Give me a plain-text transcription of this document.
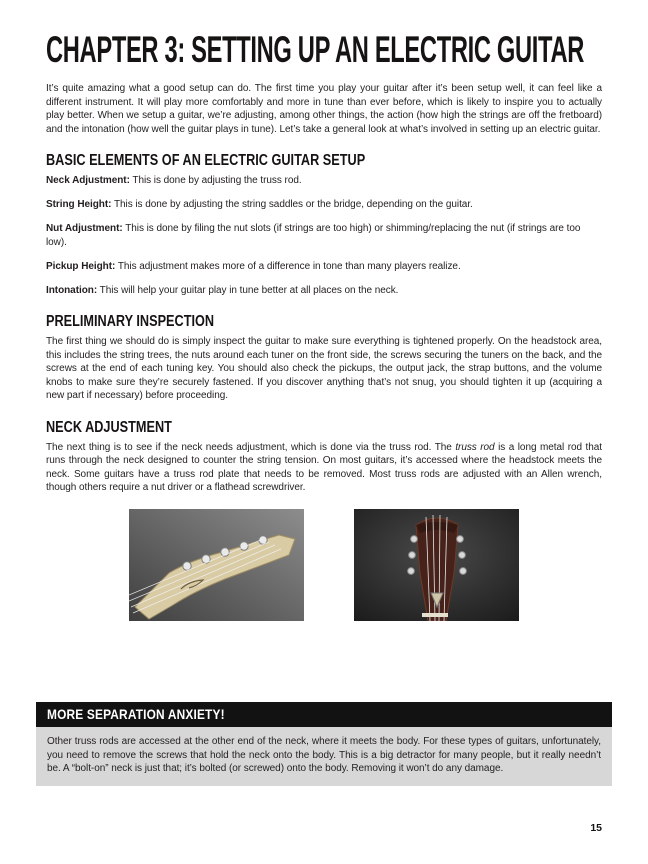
CHAPTER 3: SETTING UP AN ELECTRIC GUITAR

It’s quite amazing what a good setup can do. The first time you play your guitar after it’s been setup well, it can feel like a different instrument. It will play more comfortably and more in tune than ever before, which is likely to inspire you to actually play better. When we setup a guitar, we’re adjusting, among other things, the action (how high the strings are off the fretboard) and the intonation (how well the guitar plays in tune). Let’s take a general look at what’s involved in setting up an electric guitar.

BASIC ELEMENTS OF AN ELECTRIC GUITAR SETUP

Neck Adjustment: This is done by adjusting the truss rod.

String Height: This is done by adjusting the string saddles or the bridge, depending on the guitar.

Nut Adjustment: This is done by filing the nut slots (if strings are too high) or shimming/replacing the nut (if strings are too low).

Pickup Height: This adjustment makes more of a difference in tone than many players realize.

Intonation: This will help your guitar play in tune better at all places on the neck.

PRELIMINARY INSPECTION

The first thing we should do is simply inspect the guitar to make sure everything is tightened properly. On the headstock area, this includes the string trees, the nuts around each tuner on the front side, the screws securing the tuners on the back, and the screws at the end of each tuning key. You should also check the pickups, the output jack, the strap buttons, and the volume knobs to make sure they’re securely fastened. If you discover anything that’s not snug, you should tighten it up (acquiring a new part if necessary) before proceeding.

NECK ADJUSTMENT

The next thing is to see if the neck needs adjustment, which is done via the truss rod. The truss rod is a long metal rod that runs through the neck designed to counter the string tension. On most guitars, it’s accessed where the headstock meets the neck. Some guitars have a truss rod plate that needs to be removed. Most truss rods are adjusted with an Allen wrench, though others require a nut driver or a flathead screwdriver.

MORE SEPARATION ANXIETY!

Other truss rods are accessed at the other end of the neck, where it meets the body. For these types of guitars, unfortunately, you need to remove the screws that hold the neck onto the body. This is a big detractor for many people, but it really needn’t be. A “bolt-on” neck is just that; it’s bolted (or screwed) onto the body. Removing it won’t do any damage.

15
